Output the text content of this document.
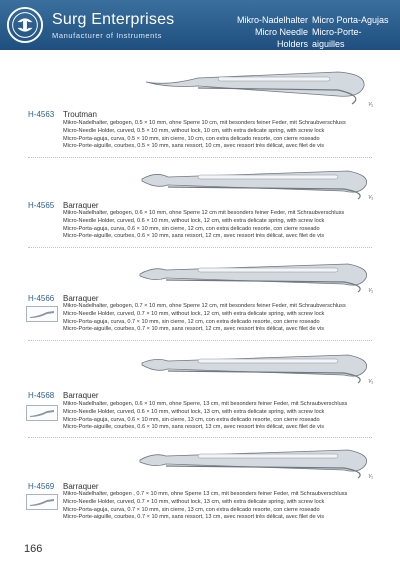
Surg Enterprises
Manufacturer of Instruments
Mikro-Nadelhalter
Micro Needle Holders
Micro Porta-Agujas
Micro-Porte-aiguilles
¹⁄₁
H-4563 Troutman
Mikro-Nadelhalter, gebogen, 0.5 × 10 mm, ohne Sperre 10 cm, mit besonders feiner Feder, mit Schraubverschluss
Micro-Needle Holder, curved, 0.5 × 10 mm, without lock, 10 cm, with extra delicate spring, with screw lock
Micro-Porta-aguja, curva, 0.5 × 10 mm, sin cierre, 10 cm, con extra delicado resorte, con cierre roseado
Micro-Porte-aiguille, courbes, 0.5 × 10 mm, sans ressort, 10 cm, avec ressort très délicat, avec filet de vis
¹⁄₁
H-4565 Barraquer
Mikro-Nadelhalter, gebogen, 0.6 × 10 mm, ohne Sperre 12 cm mit besonders feiner Feder, mit Schraubverschluss
Micro-Needle Holder, curved, 0.6 × 10 mm, without lock, 12 cm, with extra delicate spring, with screw lock
Micro-Porta-aguja, curva, 0.6 × 10 mm, sin cierre, 12 cm, con extra delicado resorte, con cierre roseado
Micro-Porte-aiguille, courbes, 0.6 × 10 mm, sans ressort, 12 cm, avec ressort très délicat, avec filet de vis
¹⁄₁
H-4566 Barraquer
Mikro-Nadelhalter, gebogen, 0.7 × 10 mm, ohne Sperre 12 cm, mit besonders feiner Feder, mit Schraubverschluss
Micro-Needle Holder, curved, 0.7 × 10 mm, without lock, 12 cm, with extra delicate spring, with screw lock
Micro-Porta-aguja, curva, 0.7 × 10 mm, sin cierre, 12 cm, con extra delicado resorte, con cierre roseado
Micro-Porte-aiguille, courbes, 0.7 × 10 mm, sans ressort, 12 cm, avec ressort très délicat, avec filet de vis
¹⁄₁
H-4568 Barraquer
Mikro-Nadelhalter, gebogen, 0.6 × 10 mm, ohne Sperre, 13 cm, mit besonders feiner Feder, mit Schraubverschluss
Micro-Needle Holder, curved, 0.6 × 10 mm, without lock, 13 cm, with extra delicate spring, with screw lock
Micro-Porta-aguja, curva, 0.6 × 10 mm, sin cierre, 13 cm, con extra delicado resorte, con cierre roseado
Micro-Porte-aiguille, courbes, 0.6 × 10 mm, sans ressort, 13 cm, avec ressort très délicat, avec filet de vis
¹⁄₁
H-4569 Barraquer
Mikro-Nadelhalter, gebogen , 0.7 × 10 mm, ohne Sperre 13 cm, mit besonders feiner Feder, mit Schraubverschluss
Micro-Needle Holder, curved, 0.7 × 10 mm, without lock, 13 cm, with extra delicate spring, with screw lock
Micro-Porta-aguja, curva, 0.7 × 10 mm, sin cierre, 13 cm, con extra delicado resorte, con cierre roseado
Micro-Porte-aiguille, courbes, 0.7 × 10 mm, sans ressort, 13 cm, avec ressort très délicat, avec filet de vis
166
